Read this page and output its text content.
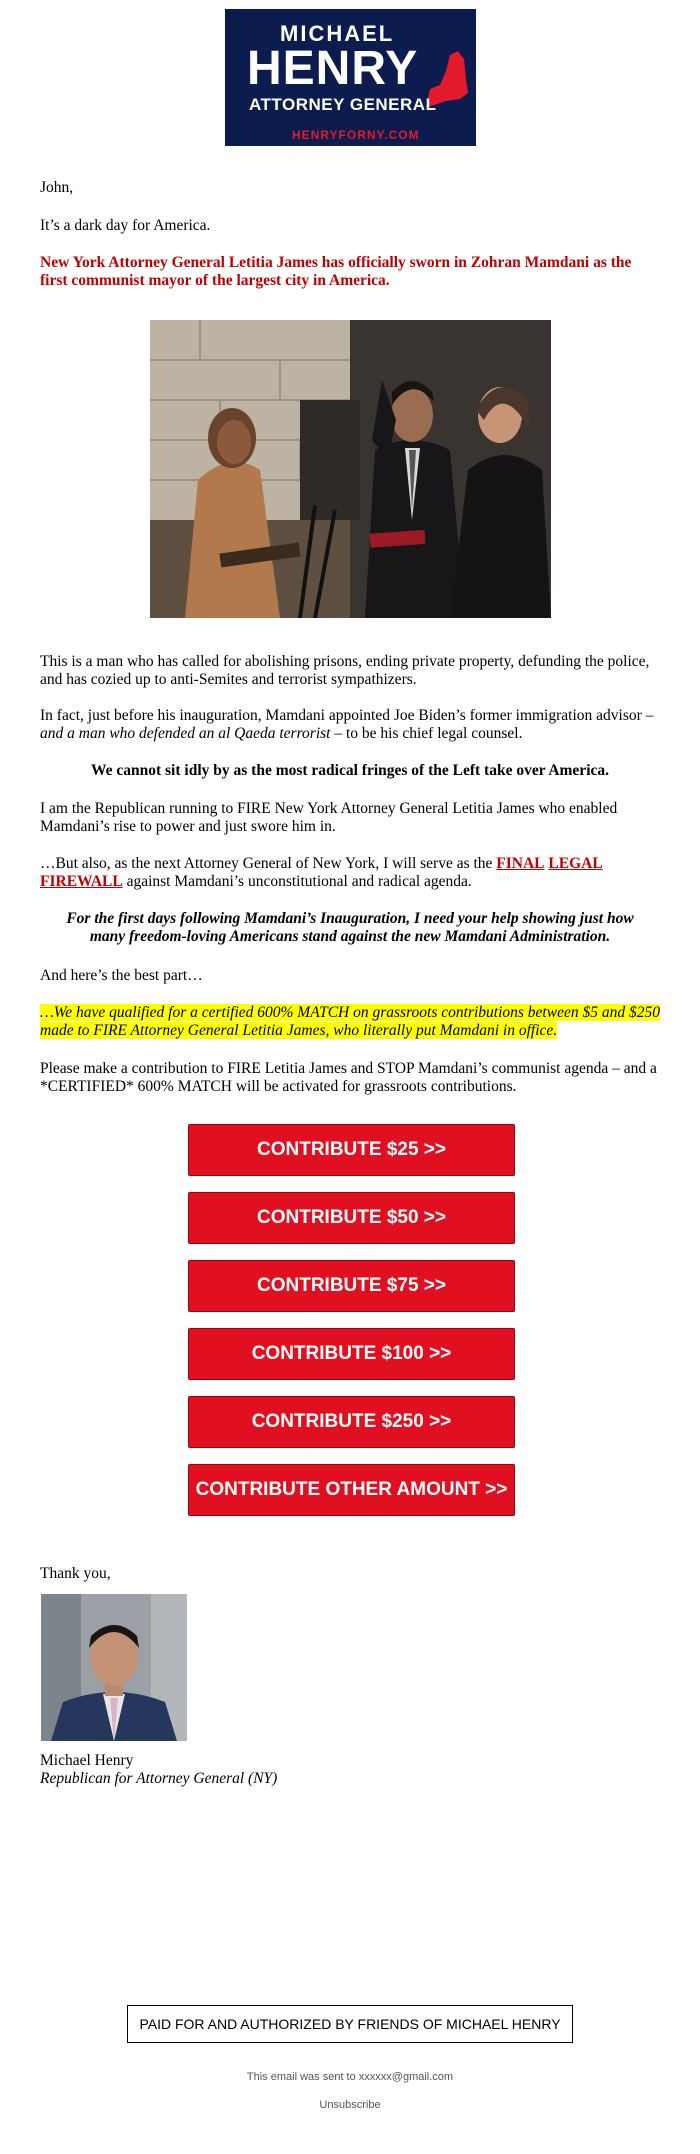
MICHAEL
HENRY
ATTORNEY GENERAL
HENRYFORNY.COM
John,
It’s a dark day for America.
New York Attorney General Letitia James has officially sworn in Zohran Mamdani as the first communist mayor of the largest city in America.
This is a man who has called for abolishing prisons, ending private property, defunding the police, and has cozied up to anti-Semites and terrorist sympathizers.
In fact, just before his inauguration, Mamdani appointed Joe Biden’s former immigration advisor – and a man who defended an al Qaeda terrorist – to be his chief legal counsel.
We cannot sit idly by as the most radical fringes of the Left take over America.
I am the Republican running to FIRE New York Attorney General Letitia James who enabled Mamdani’s rise to power and just swore him in.
…But also, as the next Attorney General of New York, I will serve as the FINAL LEGAL FIREWALL against Mamdani’s unconstitutional and radical agenda.
For the first days following Mamdani’s Inauguration, I need your help showing just how many freedom-loving Americans stand against the new Mamdani Administration.
And here’s the best part…
…We have qualified for a certified 600% MATCH on grassroots contributions between $5 and $250 made to FIRE Attorney General Letitia James, who literally put Mamdani in office.
Please make a contribution to FIRE Letitia James and STOP Mamdani’s communist agenda – and a *CERTIFIED* 600% MATCH will be activated for grassroots contributions.
CONTRIBUTE $25 >>
CONTRIBUTE $50 >>
CONTRIBUTE $75 >>
CONTRIBUTE $100 >>
CONTRIBUTE $250 >>
CONTRIBUTE OTHER AMOUNT >>
Thank you,
Michael Henry
Republican for Attorney General (NY)
PAID FOR AND AUTHORIZED BY FRIENDS OF MICHAEL HENRY
This email was sent to xxxxxx@gmail.com
Unsubscribe
